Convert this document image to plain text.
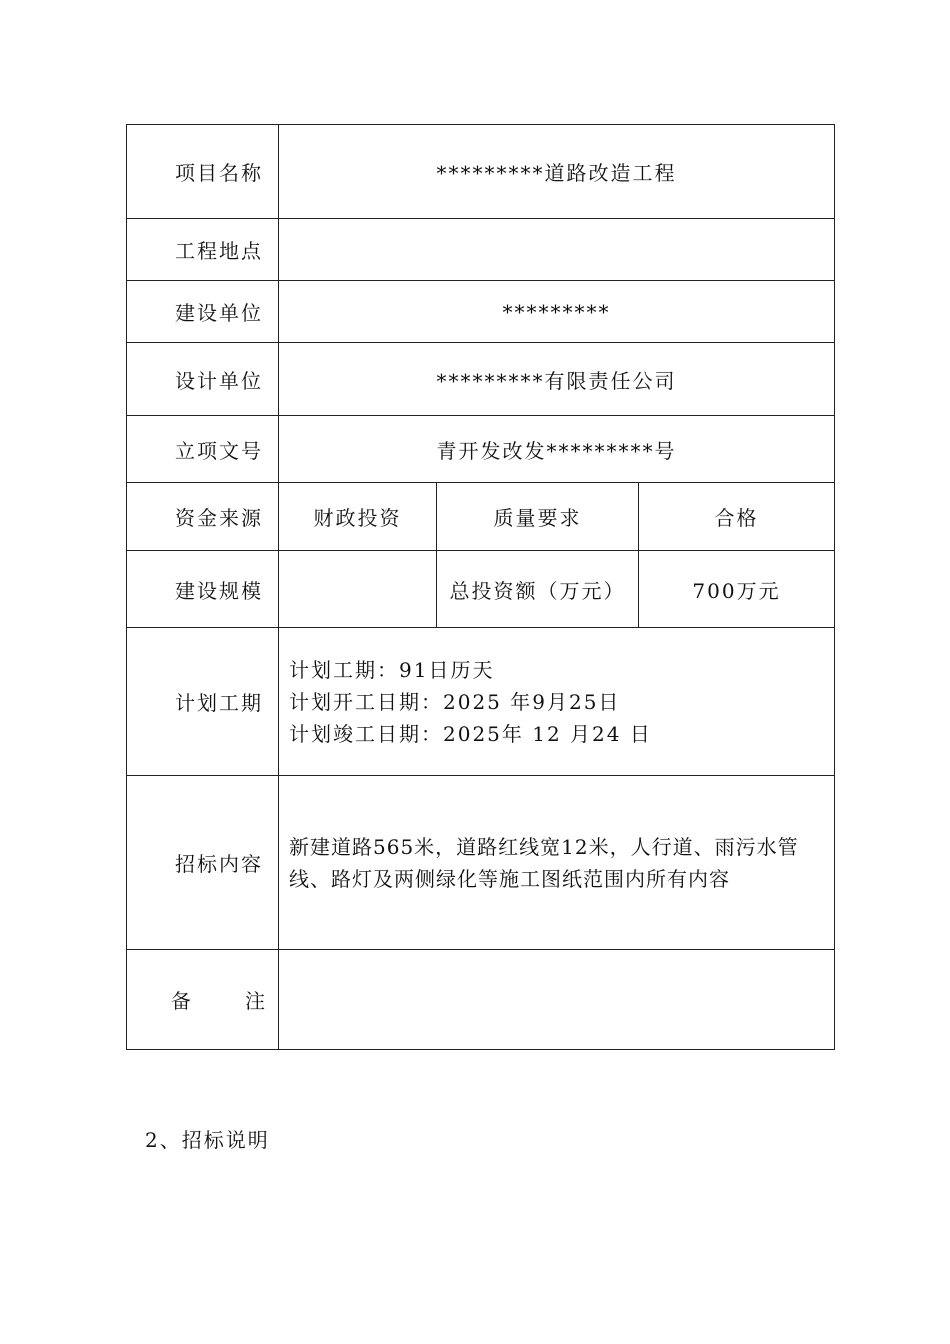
项目名称	*********道路改造工程		
工程地点			
建设单位	*********		
设计单位	*********有限责任公司		
立项文号	青开发改发*********号		
资金来源	财政投资	质量要求	合格
建设规模		总投资额（万元）	700万元
计划工期	计划工期：91日历天
计划开工日期：2025 年9月25日
计划竣工日期：2025年 12 月24 日		

招标内容	新建道路565米，道路红线宽12米，人行道、雨污水管线、路灯及两侧绿化等施工图纸范围内所有内容		
备 注			
2、招标说明
